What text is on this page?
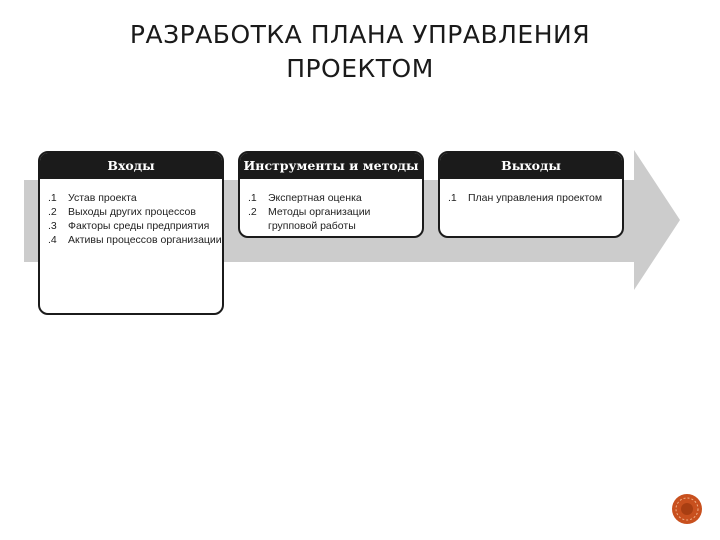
РАЗРАБОТКА ПЛАНА УПРАВЛЕНИЯ ПРОЕКТОМ
Входы
.1	Устав проекта
.2	Выходы других процессов
.3	Факторы среды предприятия
.4	Активы процессов организации
Инструменты и методы
.1	Экспертная оценка
.2	Методы организации групповой работы
Выходы
.1	План управления проектом
